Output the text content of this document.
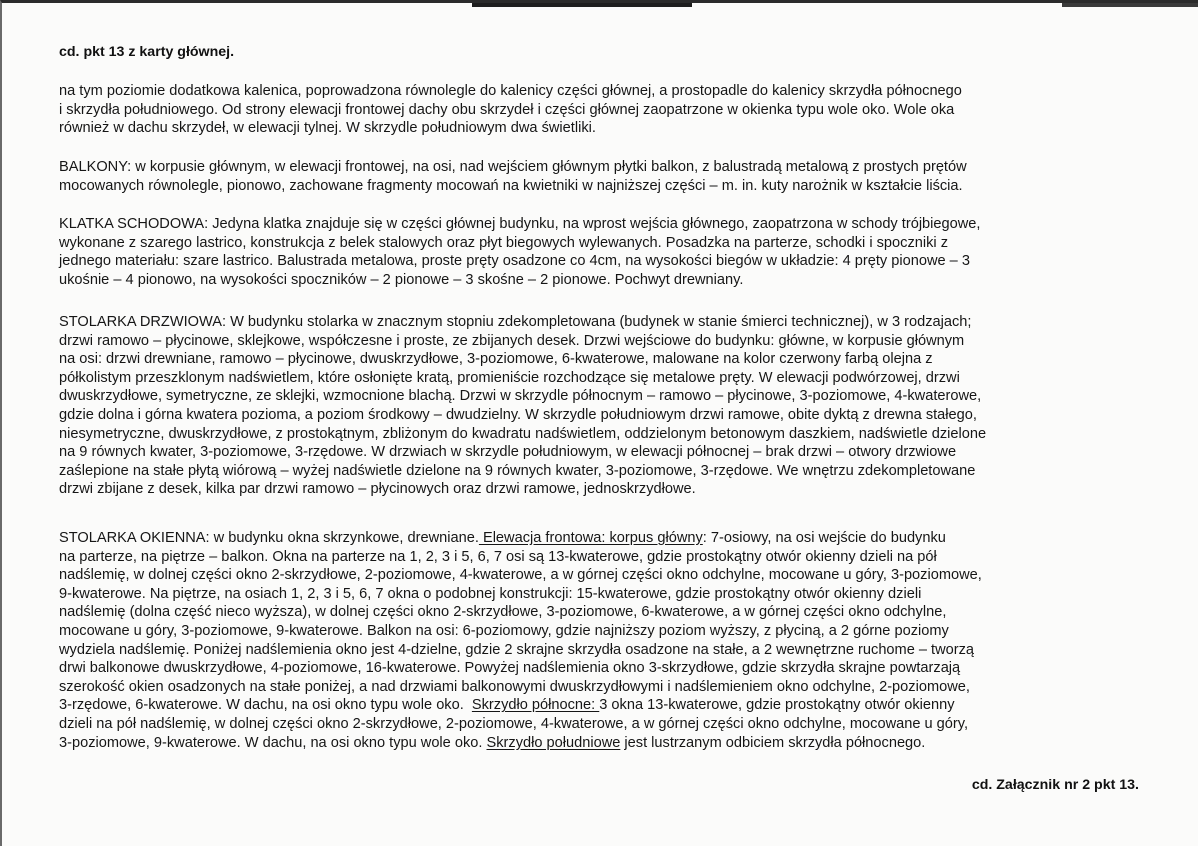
cd. pkt 13 z karty głównej.
na tym poziomie dodatkowa kalenica, poprowadzona równolegle do kalenicy części głównej, a prostopadle do kalenicy skrzydła północnego
i skrzydła południowego. Od strony elewacji frontowej dachy obu skrzydeł i części głównej zaopatrzone w okienka typu wole oko. Wole oka
również w dachu skrzydeł, w elewacji tylnej. W skrzydle południowym dwa świetliki.
BALKONY: w korpusie głównym, w elewacji frontowej, na osi, nad wejściem głównym płytki balkon, z balustradą metalową z prostych prętów
mocowanych równolegle, pionowo, zachowane fragmenty mocowań na kwietniki w najniższej części – m. in. kuty narożnik w kształcie liścia.
KLATKA SCHODOWA: Jedyna klatka znajduje się w części głównej budynku, na wprost wejścia głównego, zaopatrzona w schody trójbiegowe,
wykonane z szarego lastrico, konstrukcja z belek stalowych oraz płyt biegowych wylewanych. Posadzka na parterze, schodki i spoczniki z
jednego materiału: szare lastrico. Balustrada metalowa, proste pręty osadzone co 4cm, na wysokości biegów w układzie: 4 pręty pionowe – 3
ukośnie – 4 pionowo, na wysokości spoczników – 2 pionowe – 3 skośne – 2 pionowe. Pochwyt drewniany.
STOLARKA DRZWIOWA: W budynku stolarka w znacznym stopniu zdekompletowana (budynek w stanie śmierci technicznej), w 3 rodzajach;
drzwi ramowo – płycinowe, sklejkowe, współczesne i proste, ze zbijanych desek. Drzwi wejściowe do budynku: główne, w korpusie głównym
na osi: drzwi drewniane, ramowo – płycinowe, dwuskrzydłowe, 3-poziomowe, 6-kwaterowe, malowane na kolor czerwony farbą olejna z
półkolistym przeszklonym nadświetlem, które osłonięte kratą, promieniście rozchodzące się metalowe pręty. W elewacji podwórzowej, drzwi
dwuskrzydłowe, symetryczne, ze sklejki, wzmocnione blachą. Drzwi w skrzydle północnym – ramowo – płycinowe, 3-poziomowe, 4-kwaterowe,
gdzie dolna i górna kwatera pozioma, a poziom środkowy – dwudzielny. W skrzydle południowym drzwi ramowe, obite dyktą z drewna stałego,
niesymetryczne, dwuskrzydłowe, z prostokątnym, zbliżonym do kwadratu nadświetlem, oddzielonym betonowym daszkiem, nadświetle dzielone
na 9 równych kwater, 3-poziomowe, 3-rzędowe. W drzwiach w skrzydle południowym, w elewacji północnej – brak drzwi – otwory drzwiowe
zaślepione na stałe płytą wiórową – wyżej nadświetle dzielone na 9 równych kwater, 3-poziomowe, 3-rzędowe. We wnętrzu zdekompletowane
drzwi zbijane z desek, kilka par drzwi ramowo – płycinowych oraz drzwi ramowe, jednoskrzydłowe.
STOLARKA OKIENNA: w budynku okna skrzynkowe, drewniane. Elewacja frontowa: korpus główny: 7-osiowy, na osi wejście do budynku
na parterze, na piętrze – balkon. Okna na parterze na 1, 2, 3 i 5, 6, 7 osi są 13-kwaterowe, gdzie prostokątny otwór okienny dzieli na pół
nadślemię, w dolnej części okno 2-skrzydłowe, 2-poziomowe, 4-kwaterowe, a w górnej części okno odchylne, mocowane u góry, 3-poziomowe,
9-kwaterowe. Na piętrze, na osiach 1, 2, 3 i 5, 6, 7 okna o podobnej konstrukcji: 15-kwaterowe, gdzie prostokątny otwór okienny dzieli
nadślemię (dolna część nieco wyższa), w dolnej części okno 2-skrzydłowe, 3-poziomowe, 6-kwaterowe, a w górnej części okno odchylne,
mocowane u góry, 3-poziomowe, 9-kwaterowe. Balkon na osi: 6-poziomowy, gdzie najniższy poziom wyższy, z płyciną, a 2 górne poziomy
wydziela nadślemię. Poniżej nadślemienia okno jest 4-dzielne, gdzie 2 skrajne skrzydła osadzone na stałe, a 2 wewnętrzne ruchome – tworzą
drwi balkonowe dwuskrzydłowe, 4-poziomowe, 16-kwaterowe. Powyżej nadślemienia okno 3-skrzydłowe, gdzie skrzydła skrajne powtarzają
szerokość okien osadzonych na stałe poniżej, a nad drzwiami balkonowymi dwuskrzydłowymi i nadślemieniem okno odchylne, 2-poziomowe,
3-rzędowe, 6-kwaterowe. W dachu, na osi okno typu wole oko.  Skrzydło północne: 3 okna 13-kwaterowe, gdzie prostokątny otwór okienny
dzieli na pół nadślemię, w dolnej części okno 2-skrzydłowe, 2-poziomowe, 4-kwaterowe, a w górnej części okno odchylne, mocowane u góry,
3-poziomowe, 9-kwaterowe. W dachu, na osi okno typu wole oko. Skrzydło południowe jest lustrzanym odbiciem skrzydła północnego.
cd. Załącznik nr 2 pkt 13.
